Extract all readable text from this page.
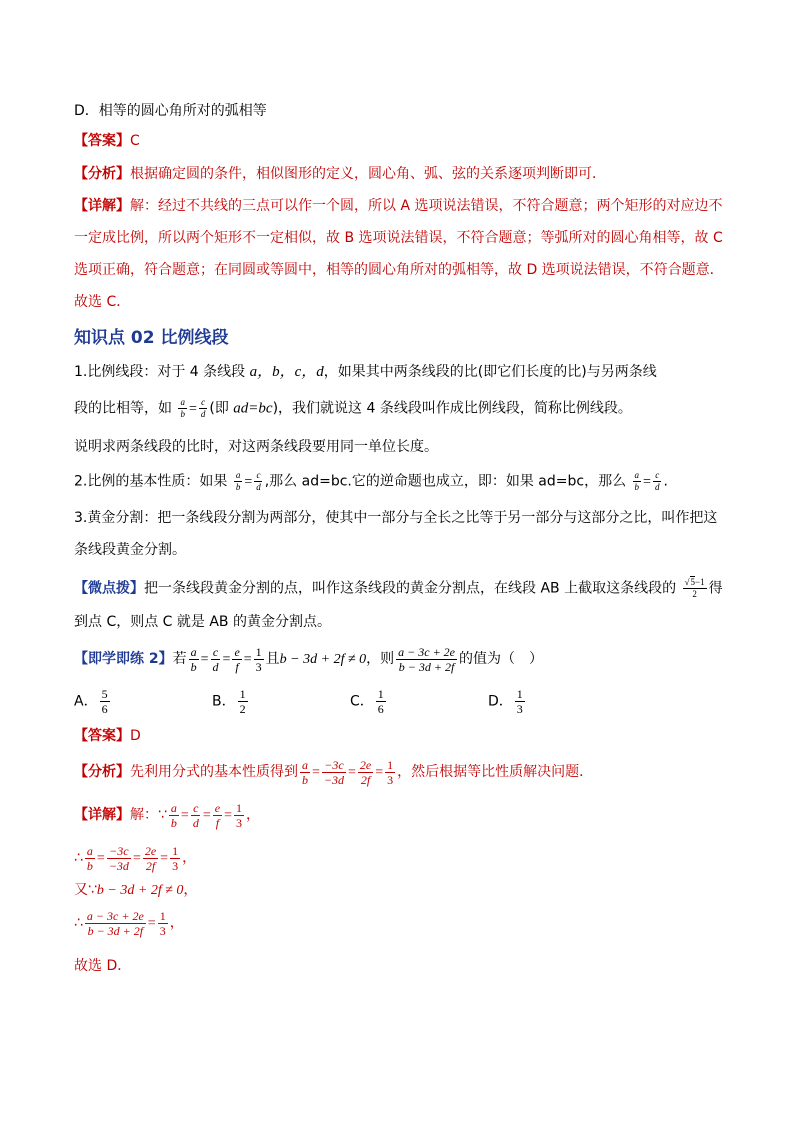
D．相等的圆心角所对的弧相等
【答案】C
【分析】根据确定圆的条件，相似图形的定义，圆心角、弧、弦的关系逐项判断即可．
【详解】解：经过不共线的三点可以作一个圆，所以 A 选项说法错误，不符合题意；两个矩形的对应边不
一定成比例，所以两个矩形不一定相似，故 B 选项说法错误，不符合题意；等弧所对的圆心角相等，故 C
选项正确，符合题意；在同圆或等圆中，相等的圆心角所对的弧相等，故 D 选项说法错误，不符合题意．
故选 C．
知识点 02 比例线段
1.比例线段：对于 4 条线段 a，b，c，d，如果其中两条线段的比(即它们长度的比)与另两条线
段的比相等，如 $\frac{a}{b} = \frac{c}{d}$ (即 ad=bc)，我们就说这 4 条线段叫作成比例线段，简称比例线段。
说明求两条线段的比时，对这两条线段要用同一单位长度。
2.比例的基本性质：如果 $\frac{a}{b} = \frac{c}{d}$ ,那么 ad=bc.它的逆命题也成立，即：如果 ad=bc，那么 $\frac{a}{b} = \frac{c}{d}$ .
3.黄金分割：把一条线段分割为两部分，使其中一部分与全长之比等于另一部分与这部分之比，叫作把这
条线段黄金分割。
【微点拨】把一条线段黄金分割的点，叫作这条线段的黄金分割点，在线段 AB 上截取这条线段的 $\frac{√5-1}{2}$ 得
到点 C，则点 C 就是 AB 的黄金分割点。
【即学即练 2】若 $\frac{a}{b} = \frac{c}{d} = \frac{e}{f} = \frac{1}{3}$ 且b − 3d + 2f ≠ 0，则 $\frac{a - 3c + 2e}{b - 3d + 2f}$ 的值为（　）
A． $\frac{5}{6}$	B． $\frac{1}{2}$	C． $\frac{1}{6}$	D． $\frac{1}{3}$
【答案】D
【分析】先利用分式的基本性质得到 $\frac{a}{b} = \frac{-3c}{-3d} = \frac{2e}{2f} = \frac{1}{3}$ ，然后根据等比性质解决问题．
【详解】解：∵ $\frac{a}{b} = \frac{c}{d} = \frac{e}{f} = \frac{1}{3}$ ，
∴ $\frac{a}{b} = \frac{-3c}{-3d} = \frac{2e}{2f} = \frac{1}{3}$ ，
又∵b − 3d + 2f ≠ 0，
∴ $\frac{a - 3c + 2e}{b - 3d + 2f} = \frac{1}{3}$ ，
故选 D．
